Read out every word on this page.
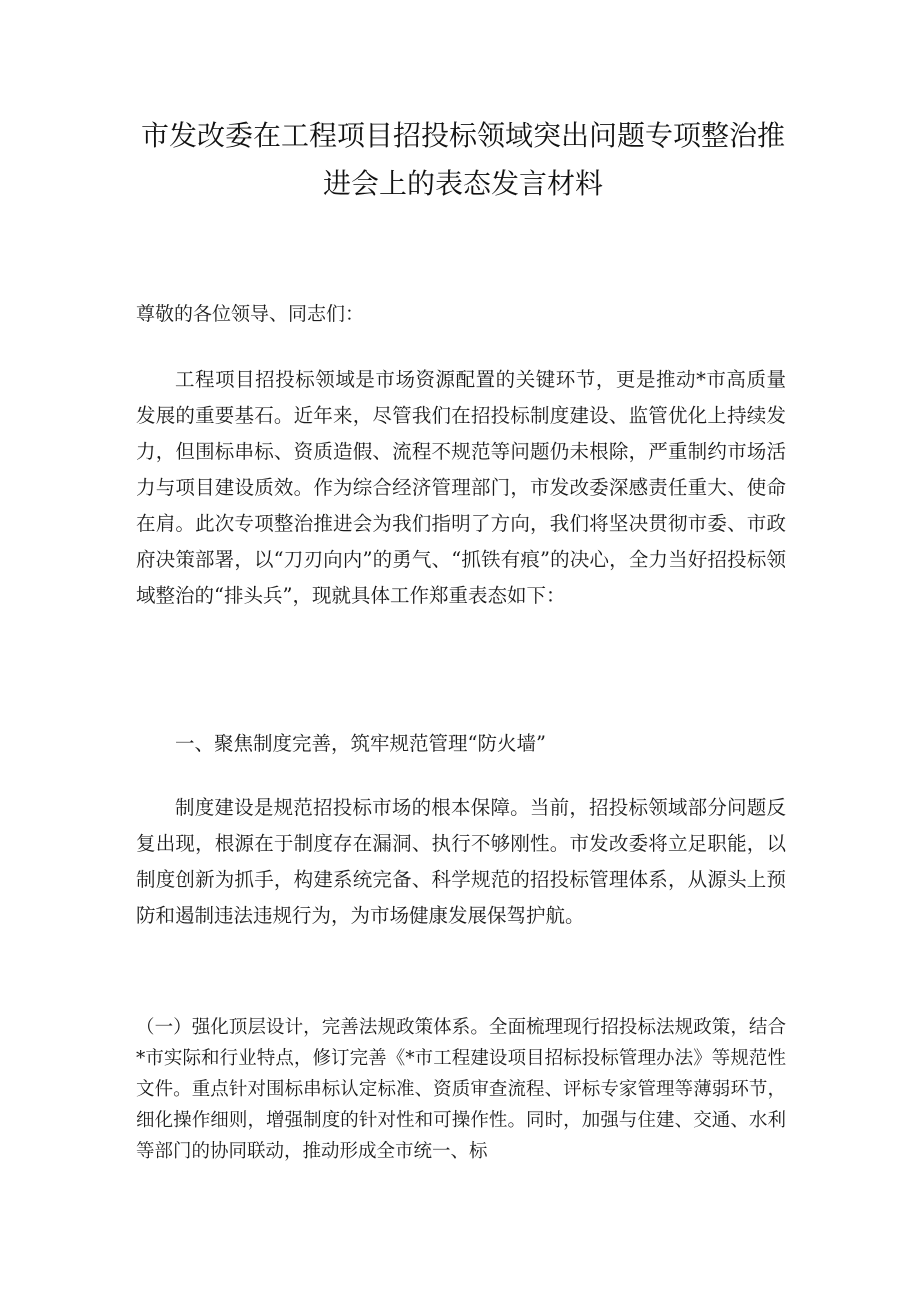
市发改委在工程项目招投标领域突出问题专项整治推进会上的表态发言材料
尊敬的各位领导、同志们：

工程项目招投标领域是市场资源配置的关键环节，更是推动*市高质量发展的重要基石。近年来，尽管我们在招投标制度建设、监管优化上持续发力，但围标串标、资质造假、流程不规范等问题仍未根除，严重制约市场活力与项目建设质效。作为综合经济管理部门，市发改委深感责任重大、使命在肩。此次专项整治推进会为我们指明了方向，我们将坚决贯彻市委、市政府决策部署，以“刀刃向内”的勇气、“抓铁有痕”的决心，全力当好招投标领域整治的“排头兵”，现就具体工作郑重表态如下：

一、聚焦制度完善，筑牢规范管理“防火墙”

制度建设是规范招投标市场的根本保障。当前，招投标领域部分问题反复出现，根源在于制度存在漏洞、执行不够刚性。市发改委将立足职能，以制度创新为抓手，构建系统完备、科学规范的招投标管理体系，从源头上预防和遏制违法违规行为，为市场健康发展保驾护航。

（一）强化顶层设计，完善法规政策体系。全面梳理现行招投标法规政策，结合*市实际和行业特点，修订完善《*市工程建设项目招标投标管理办法》等规范性文件。重点针对围标串标认定标准、资质审查流程、评标专家管理等薄弱环节，细化操作细则，增强制度的针对性和可操作性。同时，加强与住建、交通、水利等部门的协同联动，推动形成全市统一、标
